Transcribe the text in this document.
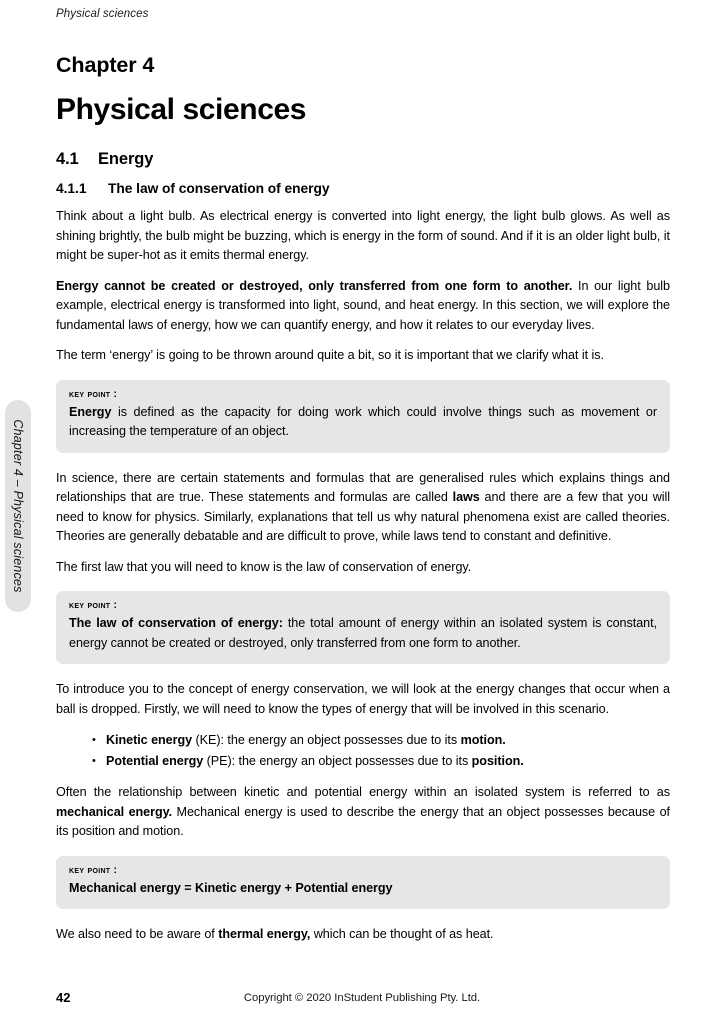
Physical sciences
Chapter 4 – Physical sciences
Chapter 4
Physical sciences
4.1 Energy
4.1.1 The law of conservation of energy

Think about a light bulb. As electrical energy is converted into light energy, the light bulb glows. As well as shining brightly, the bulb might be buzzing, which is energy in the form of sound. And if it is an older light bulb, it might be super-hot as it emits thermal energy.

Energy cannot be created or destroyed, only transferred from one form to another. In our light bulb example, electrical energy is transformed into light, sound, and heat energy. In this section, we will explore the fundamental laws of energy, how we can quantify energy, and how it relates to our everyday lives.

The term ‘energy’ is going to be thrown around quite a bit, so it is important that we clarify what it is.

key point :
Energy is defined as the capacity for doing work which could involve things such as movement or increasing the temperature of an object.

In science, there are certain statements and formulas that are generalised rules which explains things and relationships that are true. These statements and formulas are called laws and there are a few that you will need to know for physics. Similarly, explanations that tell us why natural phenomena exist are called theories. Theories are generally debatable and are difficult to prove, while laws tend to constant and definitive.

The first law that you will need to know is the law of conservation of energy.

key point :
The law of conservation of energy: the total amount of energy within an isolated system is constant, energy cannot be created or destroyed, only transferred from one form to another.

To introduce you to the concept of energy conservation, we will look at the energy changes that occur when a ball is dropped. Firstly, we will need to know the types of energy that will be involved in this scenario.

• Kinetic energy (KE): the energy an object possesses due to its motion.
• Potential energy (PE): the energy an object possesses due to its position.

Often the relationship between kinetic and potential energy within an isolated system is referred to as mechanical energy. Mechanical energy is used to describe the energy that an object possesses because of its position and motion.

key point :
Mechanical energy = Kinetic energy + Potential energy

We also need to be aware of thermal energy, which can be thought of as heat.

42	Copyright © 2020 InStudent Publishing Pty. Ltd.
